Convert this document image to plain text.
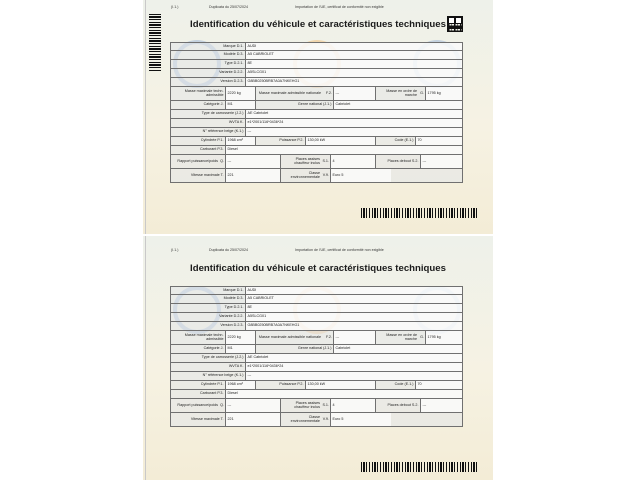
(I.1.)	Duplicata du 25/07/2024	Importation de l'UE, certificat de conformité non exigible
Identification du véhicule et caractéristiques techniques
Marque D.1.	AUDI
Modèle D.3.	A5 CABRIOLET
Type D.2.1.	8E
Variante D.2.2.	A5SLCG01
Version D.2.3.	G8BB0250BRB7A0A7NKEHG1
Masse maximale techn. admissible	2220 kg	Masse maximale admissible nationale F.2. ---	Masse en ordre de marche G. 1795 kg
Catégorie J.	M1	Genre national (J.1.)	Cabriolet
Type de carrosserie (J.2.)	AE Cabriolet
WVTA K.	e1*2001/116*0436*24
N° référence belge (K.1.)	---
Cylindrée P.1.	1968 cm³	Puissance P.2.	130,00 kW	Code (E.1.)	70
Carburant P.3.	Diesel
Rapport puissance/poids Q. ---	Places assises chauffeur inclus S.1. 4	Places debout S.2.	---
Vitesse maximale T.	221	Classe environnementale V.9. Euro 5
(I.1.)	Duplicata du 25/07/2024	Importation de l'UE, certificat de conformité non exigible
Identification du véhicule et caractéristiques techniques
Marque D.1.	AUDI
Modèle D.3.	A5 CABRIOLET
Type D.2.1.	8E
Variante D.2.2.	A5SLCG01
Version D.2.3.	G8BB0250BRB7A0A7NKEHG1
Masse maximale techn. admissible	2220 kg	Masse maximale admissible nationale F.2. ---	Masse en ordre de marche G. 1795 kg
Catégorie J.	M1	Genre national (J.1.)	Cabriolet
Type de carrosserie (J.2.)	AE Cabriolet
WVTA K.	e1*2001/116*0436*24
N° référence belge (K.1.)	---
Cylindrée P.1.	1968 cm³	Puissance P.2.	130,00 kW	Code (E.1.)	70
Carburant P.3.	Diesel
Rapport puissance/poids Q. ---	Places assises chauffeur inclus S.1. 4	Places debout S.2.	---
Vitesse maximale T.	221	Classe environnementale V.9. Euro 5
